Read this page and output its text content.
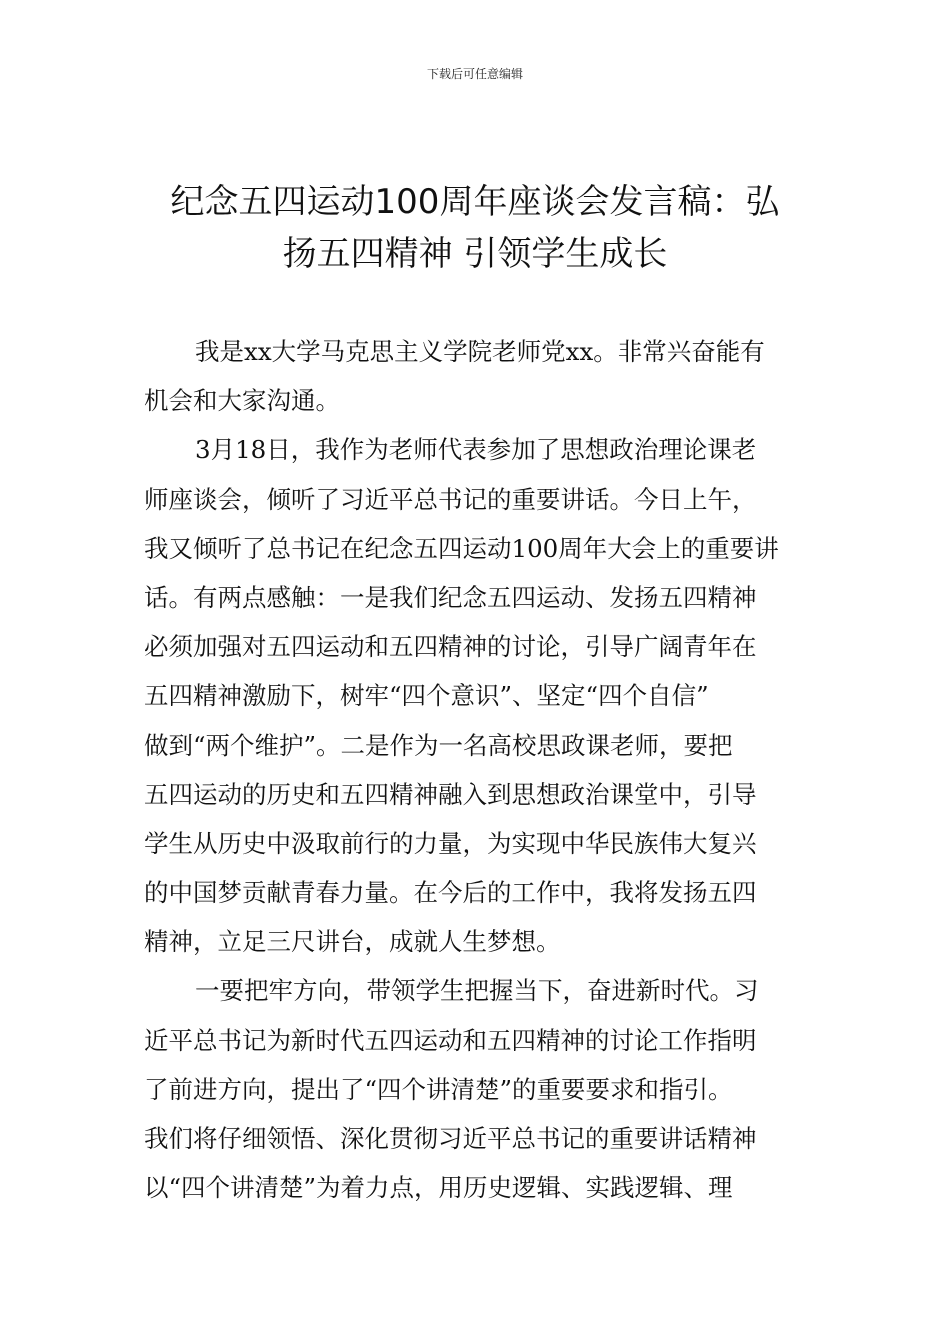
下载后可任意编辑
纪念五四运动100周年座谈会发言稿：弘
扬五四精神 引领学生成长
我是xx大学马克思主义学院老师党xx。非常兴奋能有
机会和大家沟通。
3月18日，我作为老师代表参加了思想政治理论课老
师座谈会，倾听了习近平总书记的重要讲话。今日上午，
我又倾听了总书记在纪念五四运动100周年大会上的重要讲
话。有两点感触：一是我们纪念五四运动、发扬五四精神
必须加强对五四运动和五四精神的讨论，引导广阔青年在
五四精神激励下，树牢“四个意识”、坚定“四个自信”
做到“两个维护”。二是作为一名高校思政课老师，要把
五四运动的历史和五四精神融入到思想政治课堂中，引导
学生从历史中汲取前行的力量，为实现中华民族伟大复兴
的中国梦贡献青春力量。在今后的工作中，我将发扬五四
精神，立足三尺讲台，成就人生梦想。
一要把牢方向，带领学生把握当下，奋进新时代。习
近平总书记为新时代五四运动和五四精神的讨论工作指明
了前进方向，提出了“四个讲清楚”的重要要求和指引。
我们将仔细领悟、深化贯彻习近平总书记的重要讲话精神
以“四个讲清楚”为着力点，用历史逻辑、实践逻辑、理
